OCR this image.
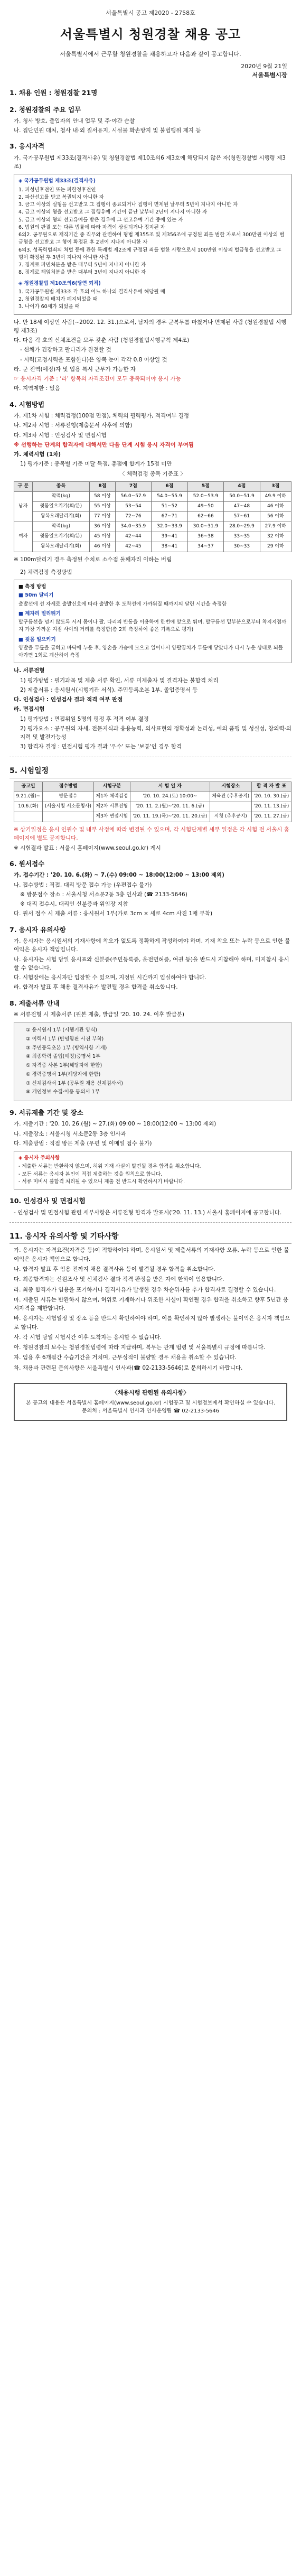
서울특별시 공고 제2020 - 2758호
서울특별시 청원경찰 채용 공고
서울특별시에서 근무할 청원경찰을 채용하고자 다음과 같이 공고합니다.
2020년 9월 21일
서울특별시장
1. 채용 인원 : 청원경찰 21명
2. 청원경찰의 주요 업무
가. 청사 방호, 출입자의 안내 업무 및 주·야간 순찰
나. 집단민원 대처, 청사 내·외 질서유지, 시설물 화손방지 및 불법행위 제지 등
3. 응시자격
가. 국가공무원법 제33조(결격사유) 및 청원경찰법 제10조의6 제3호에 해당되지 않은 자(청원경찰법 시행령 제3조)
◈ 국가공무원법 제33조(결격사유)
1. 피성년후견인 또는 피한정후견인
2. 파산선고를 받고 복권되지 아니한 자
3. 금고 이상의 실형을 선고받고 그 집행이 종료되거나 집행이 면제된 날부터 5년이 지나지 아니한 자
4. 금고 이상의 형을 선고받고 그 집행유예 기간이 끝난 날부터 2년이 지나지 아니한 자
5. 금고 이상의 형의 선고유예를 받은 경우에 그 선고유예 기간 중에 있는 자
6. 법원의 판결 또는 다른 법률에 따라 자격이 상실되거나 정지된 자
6의2. 공무원으로 재직기간 중 직무와 관련하여 형법 제355조 및 제356조에 규정된 죄를 범한 자로서 300만원 이상의 벌금형을 선고받고 그 형이 확정된 후 2년이 지나지 아니한 자
6의3. 성폭력범죄의 처벌 등에 관한 특례법 제2조에 규정된 죄를 범한 사람으로서 100만원 이상의 벌금형을 선고받고 그 형이 확정된 후 3년이 지나지 아니한 사람
7. 징계로 파면처분을 받은 때부터 5년이 지나지 아니한 자
8. 징계로 해임처분을 받은 때부터 3년이 지나지 아니한 자
◈ 청원경찰법 제10조의6(당연 퇴직)
1. 국가공무원법 제33조 각 호의 어느 하나의 결격사유에 해당될 때
2. 청원경찰의 배치가 폐지되었을 때
3. 나이가 60세가 되었을 때
나. 만 18세 이상인 사람(~2002. 12. 31.)으로서, 남자의 경우 군복무를 마쳤거나 면제된 사람 (청원경찰법 시행령 제3조)
다. 다음 각 호의 신체조건을 모두 갖춘 사람 (청원경찰법시행규칙 제4조)
- 신체가 건강하고 팔다리가 완전할 것
- 시력(교정시력을 포함한다)은 양쪽 눈이 각각 0.8 이상일 것
라. 군 전역(예정)자 및 입용 특시 근무가 가능한 자
☞ 응시자격 기준 : ‘라’ 항목의 자격조건이 모두 충족되어야 응시 가능
마. 지역제한 : 없음
4. 시험방법
가. 제1차 시험 : 체력검정(100점 만점), 체력의 필력평가, 적격여부 결정
나. 제2차 시험 : 서류전형(제출문서 사후에 의함)
다. 제3차 시험 : 인성검사 및 면접시험
※ 선행하는 단계의 합격자에 대해서만 다음 단계 시험 응시 자격이 부여됨
가. 체력시험 (1차)
1) 평가기준 : 종목별 기준 미달 득점, 총점에 합계가 15점 미만
〈 체력검정 종목 기준표 〉
구 분	종목	8점	7점	6점	5점	4점	3점
남자	악력(kg)	58 이상	56.0~57.9	54.0~55.9	52.0~53.9	50.0~51.9	49.9 이하
	윗몸일으키기(회/분)	55 이상	53~54	51~52	49~50	47~48	46 이하
	왕복오래달리기(회)	77 이상	72~76	67~71	62~66	57~61	56 이하
여자	악력(kg)	36 이상	34.0~35.9	32.0~33.9	30.0~31.9	28.0~29.9	27.9 이하
	윗몸일으키기(회/분)	45 이상	42~44	39~41	36~38	33~35	32 이하
	왕복오래달리기(회)	46 이상	42~45	38~41	34~37	30~33	29 이하
※ 100m달리기 경우 측정된 수치로 소수점 둘째자리 이하는 버림
2) 체력검정 측정방법
■ 측정 방법
■ 50m 달리기
출발선에 선 자세로 출발신호에 따라 출발한 후 도착선에 가까워질 때까지의 달린 시간을 측정함
■ 제자리 멀리뛰기
발구름선을 넘지 않도록 서서 몸이나 팔, 다리의 반동을 이용하여 한번에 앞으로 뛰며, 발구름선 밑부분으로부터 착지지점까지 가장 가까운 지점 사이의 거리를 측정함(총 2회 측정하여 좋은 기록으로 평가)
■ 윗몸 일으키기
양발을 무릎을 굽히고 바닥에 누운 후, 양손을 가슴에 모으고 일어나서 양팔꿈치가 무릎에 닿았다가 다시 누운 상태로 되돌아가면 1회로 계산하여 측정
나. 서류전형
1) 평가방법 : 필기과목 및 제출 서류 확인, 서류 미제출자 및 결격자는 불합격 처리
2) 제출서류 : 응시원서(시행기관 서식), 주민등록초본 1부, 졸업증명서 등
다. 인성검사 : 인성검사 결과 적격 여부 판정
라. 면접시험
1) 평가방법 : 면접위원 5명의 평정 후 적격 여부 결정
2) 평가요소 : 공무원의 자세, 전문지식과 응용능력, 의사표현의 정확성과 논리성, 예의 품행 및 성실성, 창의력·의지력 및 발전가능성
3) 합격자 결정 : 면접시험 평가 결과 '우수' 또는 '보통'인 경우 합격
5. 시험일정
공고일	접수방법	시험구분	시 험 일 자	시험장소	합 격 자 발 표
9.21.(월)~	방문접수	제1차 체력검정	'20. 10. 24.(토) 10:00~	체육관 (추후공지)	'20. 10. 30.(금)
10.6.(화)	(서울시청 서소문청사)	제2차 서류전형	'20. 11. 2.(월)~'20. 11. 6.(금)		'20. 11. 13.(금)
		제3차 면접시험	'20. 11. 19.(목)~'20. 11. 20.(금)	시청 (추후공지)	'20. 11. 27.(금)
※ 상기일정은 응시 인원수 및 내부 사정에 따라 변경될 수 있으며, 각 시험단계별 세부 일정은 각 시험 전 서울시 홈페이지에 별도 공지합니다.
※ 시험결과 발표 : 서울시 홈페이지(www.seoul.go.kr) 게시
6. 원서접수
가. 접수기간 : '20. 10. 6.(화) ~ 7.(수) 09:00 ~ 18:00(12:00 ~ 13:00 제외)
나. 접수방법 : 직접, 대리 방문 접수 가능 (우편접수 불가)
※ 방문접수 장소 : 서울시청 서소문2동 3층 인사과 (☎ 2133-5646)
※ 대리 접수시, 대리인 신분증과 위임장 지참
다. 원서 접수 시 제출 서류 : 응시원서 1부(가로 3cm × 세로 4cm 사진 1매 부착)
7. 응시자 유의사항
가. 응시자는 응시원서의 기재사항에 착오가 없도록 정확하게 작성하여야 하며, 기재 착오 또는 누락 등으로 인한 불이익은 응시자 책임입니다.
나. 응시자는 시험 당일 응시표와 신분증(주민등록증, 운전면허증, 여권 등)을 반드시 지참해야 하며, 미지참시 응시할 수 없습니다.
다. 시험장에는 응시자만 입장할 수 있으며, 지정된 시간까지 입실하여야 합니다.
라. 합격자 발표 후 채용 결격사유가 발견될 경우 합격을 취소합니다.
8. 제출서류 안내
※ 서류전형 시 제출서류 (원본 제출, 발급일 '20. 10. 24. 이후 발급분)
① 응시원서 1부 (시행기관 양식)
② 이력서 1부 (반명함판 사진 부착)
③ 주민등록초본 1부 (병역사항 기재)
④ 최종학력 졸업(예정)증명서 1부
⑤ 자격증 사본 1부(해당자에 한함)
⑥ 경력증명서 1부(해당자에 한함)
⑦ 신체검사서 1부 (공무원 채용 신체검사서)
⑧ 개인정보 수집·이용 동의서 1부
9. 서류제출 기간 및 장소
가. 제출기간 : '20. 10. 26.(월) ~ 27.(화) 09:00 ~ 18:00(12:00 ~ 13:00 제외)
나. 제출장소 : 서울시청 서소문2동 3층 인사과
다. 제출방법 : 직접 방문 제출 (우편 및 이메일 접수 불가)
◈ 응시자 주의사항
- 제출한 서류는 반환하지 않으며, 허위 기재 사실이 발견될 경우 합격을 취소합니다.
- 모든 서류는 응시자 본인이 직접 제출하는 것을 원칙으로 합니다.
- 서류 미비시 불합격 처리될 수 있으니 제출 전 반드시 확인하시기 바랍니다.
10. 인성검사 및 면접시험
- 인성검사 및 면접시험 관련 세부사항은 서류전형 합격자 발표시('20. 11. 13.) 서울시 홈페이지에 공고합니다.
11. 응시자 유의사항 및 기타사항
가. 응시자는 자격요건(자격증 등)이 적합하여야 하며, 응시원서 및 제출서류의 기재사항 오류, 누락 등으로 인한 불이익은 응시자 책임으로 합니다.
나. 합격자 발표 후 임용 전까지 채용 결격사유 등이 발견될 경우 합격을 취소합니다.
다. 최종합격자는 신원조사 및 신체검사 결과 적격 판정을 받은 자에 한하여 임용합니다.
라. 최종 합격자가 임용을 포기하거나 결격사유가 발생한 경우 차순위자를 추가 합격자로 결정할 수 있습니다.
마. 제출된 서류는 반환하지 않으며, 허위로 기재하거나 위조한 사실이 확인될 경우 합격을 취소하고 향후 5년간 응시자격을 제한합니다.
바. 응시자는 시험일정 및 장소 등을 반드시 확인하여야 하며, 이를 확인하지 않아 발생하는 불이익은 응시자 책임으로 합니다.
사. 각 시험 당일 시험시간 이후 도착자는 응시할 수 없습니다.
아. 청원경찰의 보수는 청원경찰법령에 따라 지급하며, 복무는 관계 법령 및 서울특별시 규정에 따릅니다.
자. 임용 후 6개월간 수습기간을 거치며, 근무성적이 불량할 경우 채용을 취소할 수 있습니다.
차. 채용과 관련된 문의사항은 서울특별시 인사과(☎ 02-2133-5646)로 문의하시기 바랍니다.
〈채용시행 관련된 유의사항〉
본 공고의 내용은 서울특별시 홈페이지(www.seoul.go.kr) 시험공고 및 시험정보에서 확인하실 수 있습니다.
문의처 : 서울특별시 인사과 인사운영팀 ☎ 02-2133-5646
